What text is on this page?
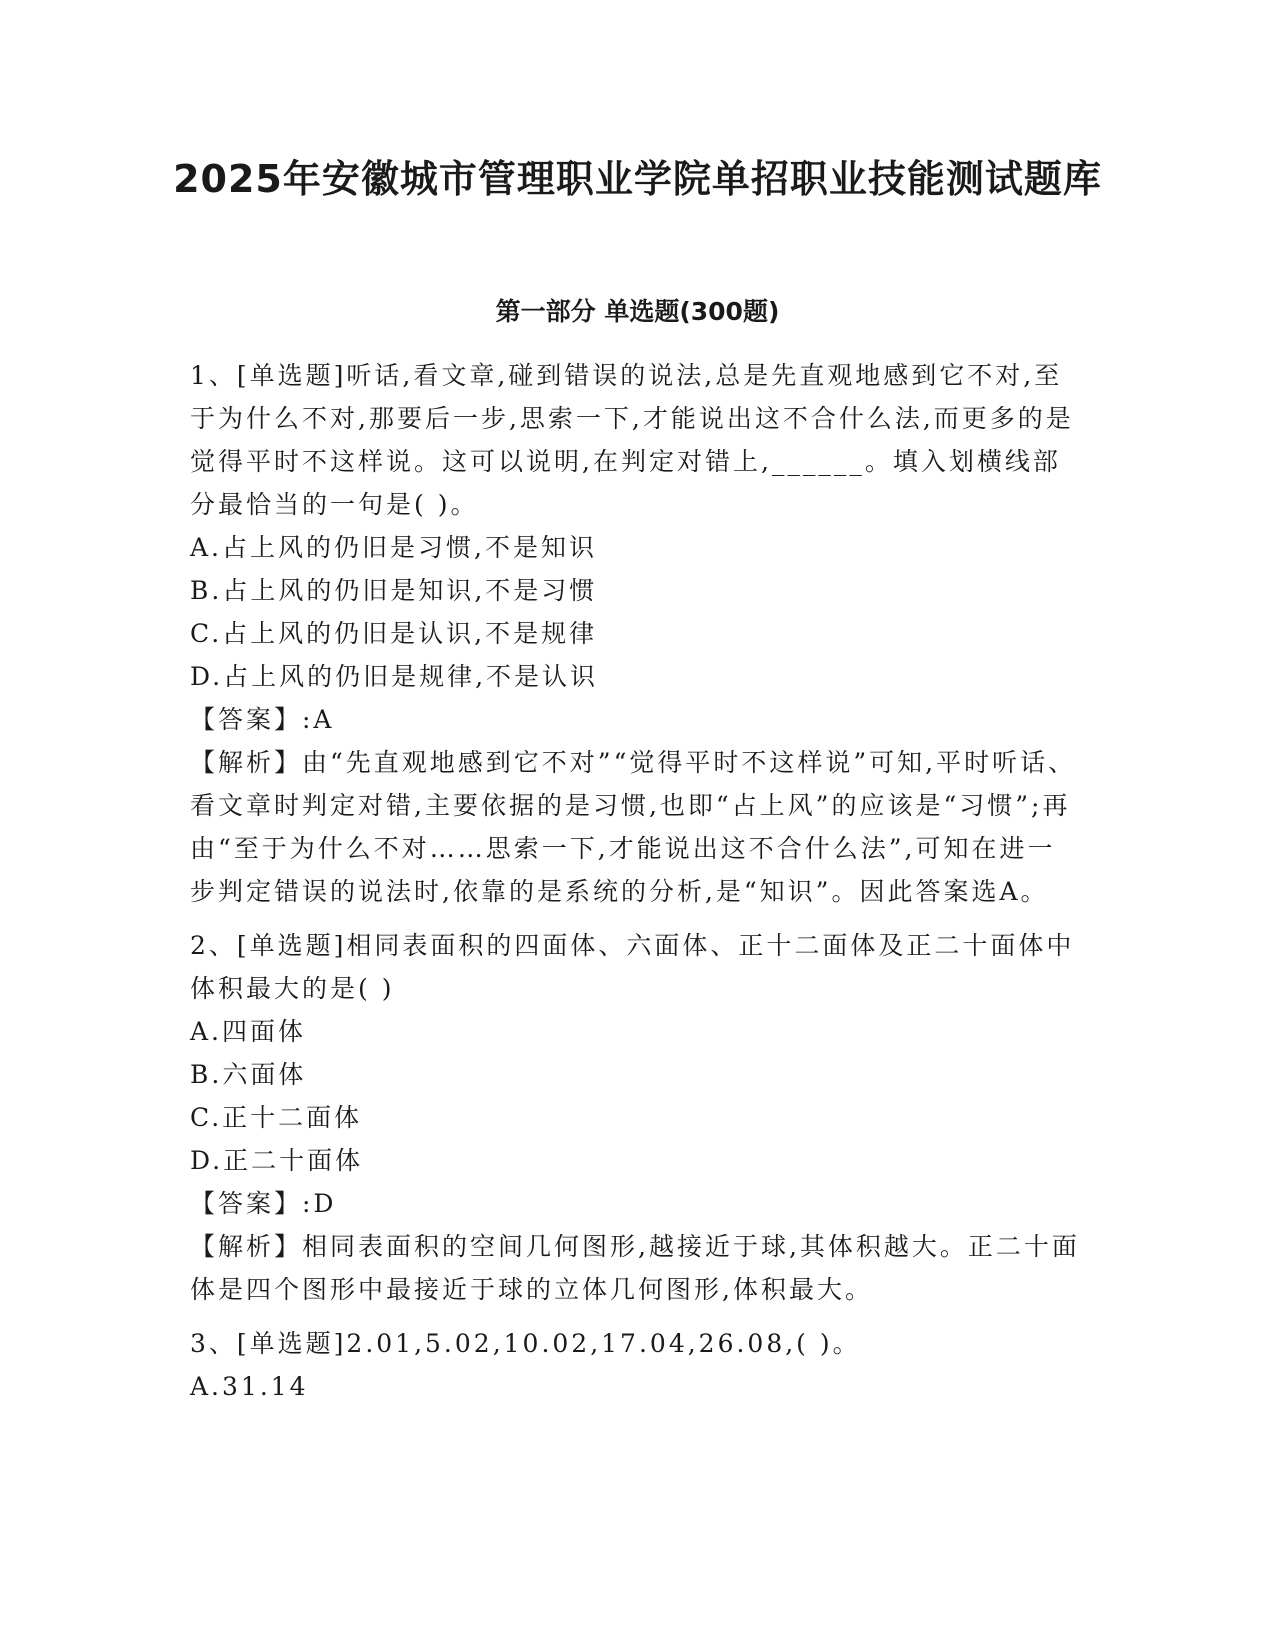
2025年安徽城市管理职业学院单招职业技能测试题库
第一部分 单选题(300题)

1、[单选题]听话,看文章,碰到错误的说法,总是先直观地感到它不对,至于为什么不对,那要后一步,思索一下,才能说出这不合什么法,而更多的是觉得平时不这样说。这可以说明,在判定对错上,______。填入划横线部分最恰当的一句是( )。

A.占上风的仍旧是习惯,不是知识

B.占上风的仍旧是知识,不是习惯

C.占上风的仍旧是认识,不是规律

D.占上风的仍旧是规律,不是认识

【答案】:A

【解析】由“先直观地感到它不对”“觉得平时不这样说”可知,平时听话、看文章时判定对错,主要依据的是习惯,也即“占上风”的应该是“习惯”;再由“至于为什么不对……思索一下,才能说出这不合什么法”,可知在进一步判定错误的说法时,依靠的是系统的分析,是“知识”。因此答案选A。

2、[单选题]相同表面积的四面体、六面体、正十二面体及正二十面体中体积最大的是( )

A.四面体

B.六面体

C.正十二面体

D.正二十面体

【答案】:D

【解析】相同表面积的空间几何图形,越接近于球,其体积越大。正二十面体是四个图形中最接近于球的立体几何图形,体积最大。

3、[单选题]2.01,5.02,10.02,17.04,26.08,( )。

A.31.14
